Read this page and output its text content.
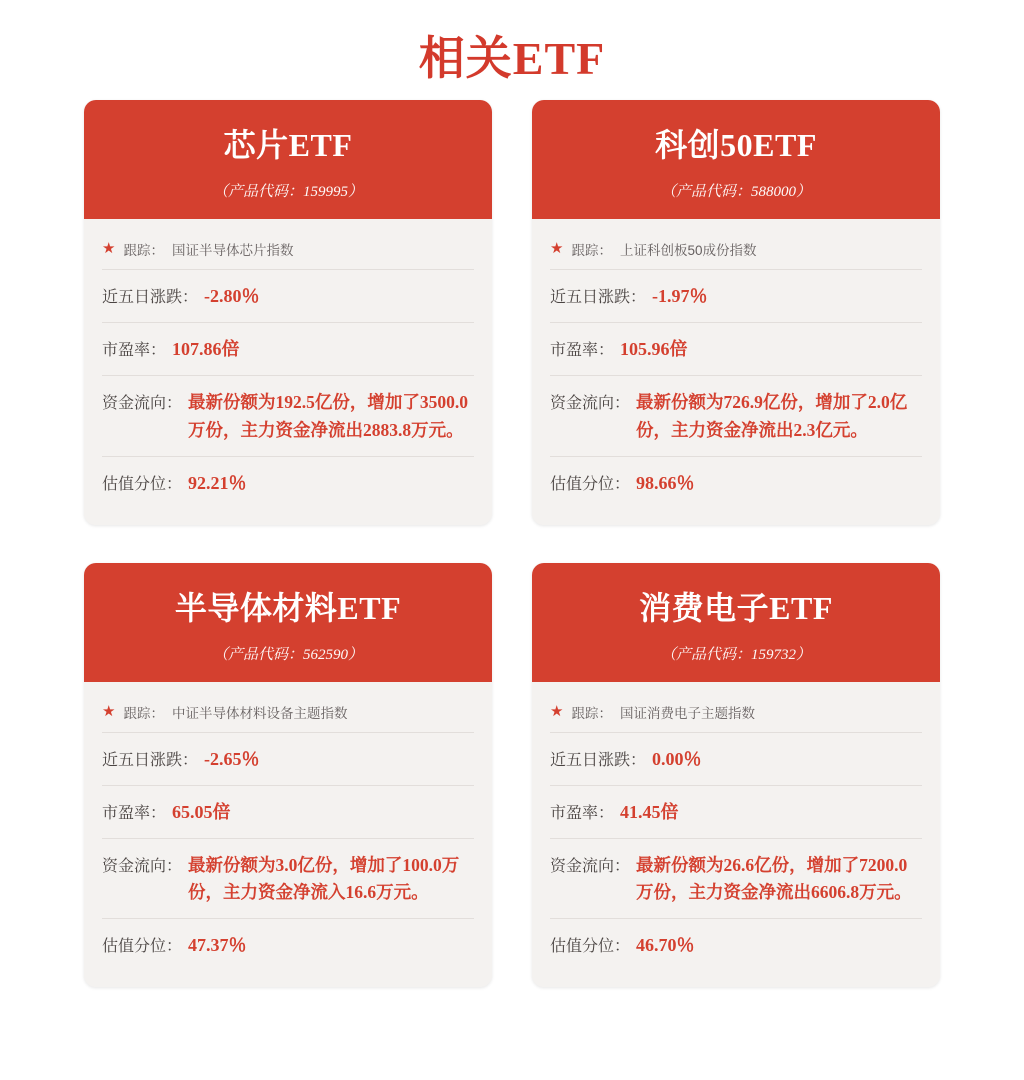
相关ETF
芯片ETF
（产品代码：159995）
★ 跟踪： 国证半导体芯片指数
近五日涨跌： -2.80％
市盈率： 107.86倍
资金流向： 最新份额为192.5亿份，增加了3500.0万份，主力资金净流出2883.8万元。
估值分位： 92.21％
科创50ETF
（产品代码：588000）
★ 跟踪： 上证科创板50成份指数
近五日涨跌： -1.97％
市盈率： 105.96倍
资金流向： 最新份额为726.9亿份，增加了2.0亿份，主力资金净流出2.3亿元。
估值分位： 98.66％
半导体材料ETF
（产品代码：562590）
★ 跟踪： 中证半导体材料设备主题指数
近五日涨跌： -2.65％
市盈率： 65.05倍
资金流向： 最新份额为3.0亿份，增加了100.0万份，主力资金净流入16.6万元。
估值分位： 47.37％
消费电子ETF
（产品代码：159732）
★ 跟踪： 国证消费电子主题指数
近五日涨跌： 0.00％
市盈率： 41.45倍
资金流向： 最新份额为26.6亿份，增加了7200.0万份，主力资金净流出6606.8万元。
估值分位： 46.70％
